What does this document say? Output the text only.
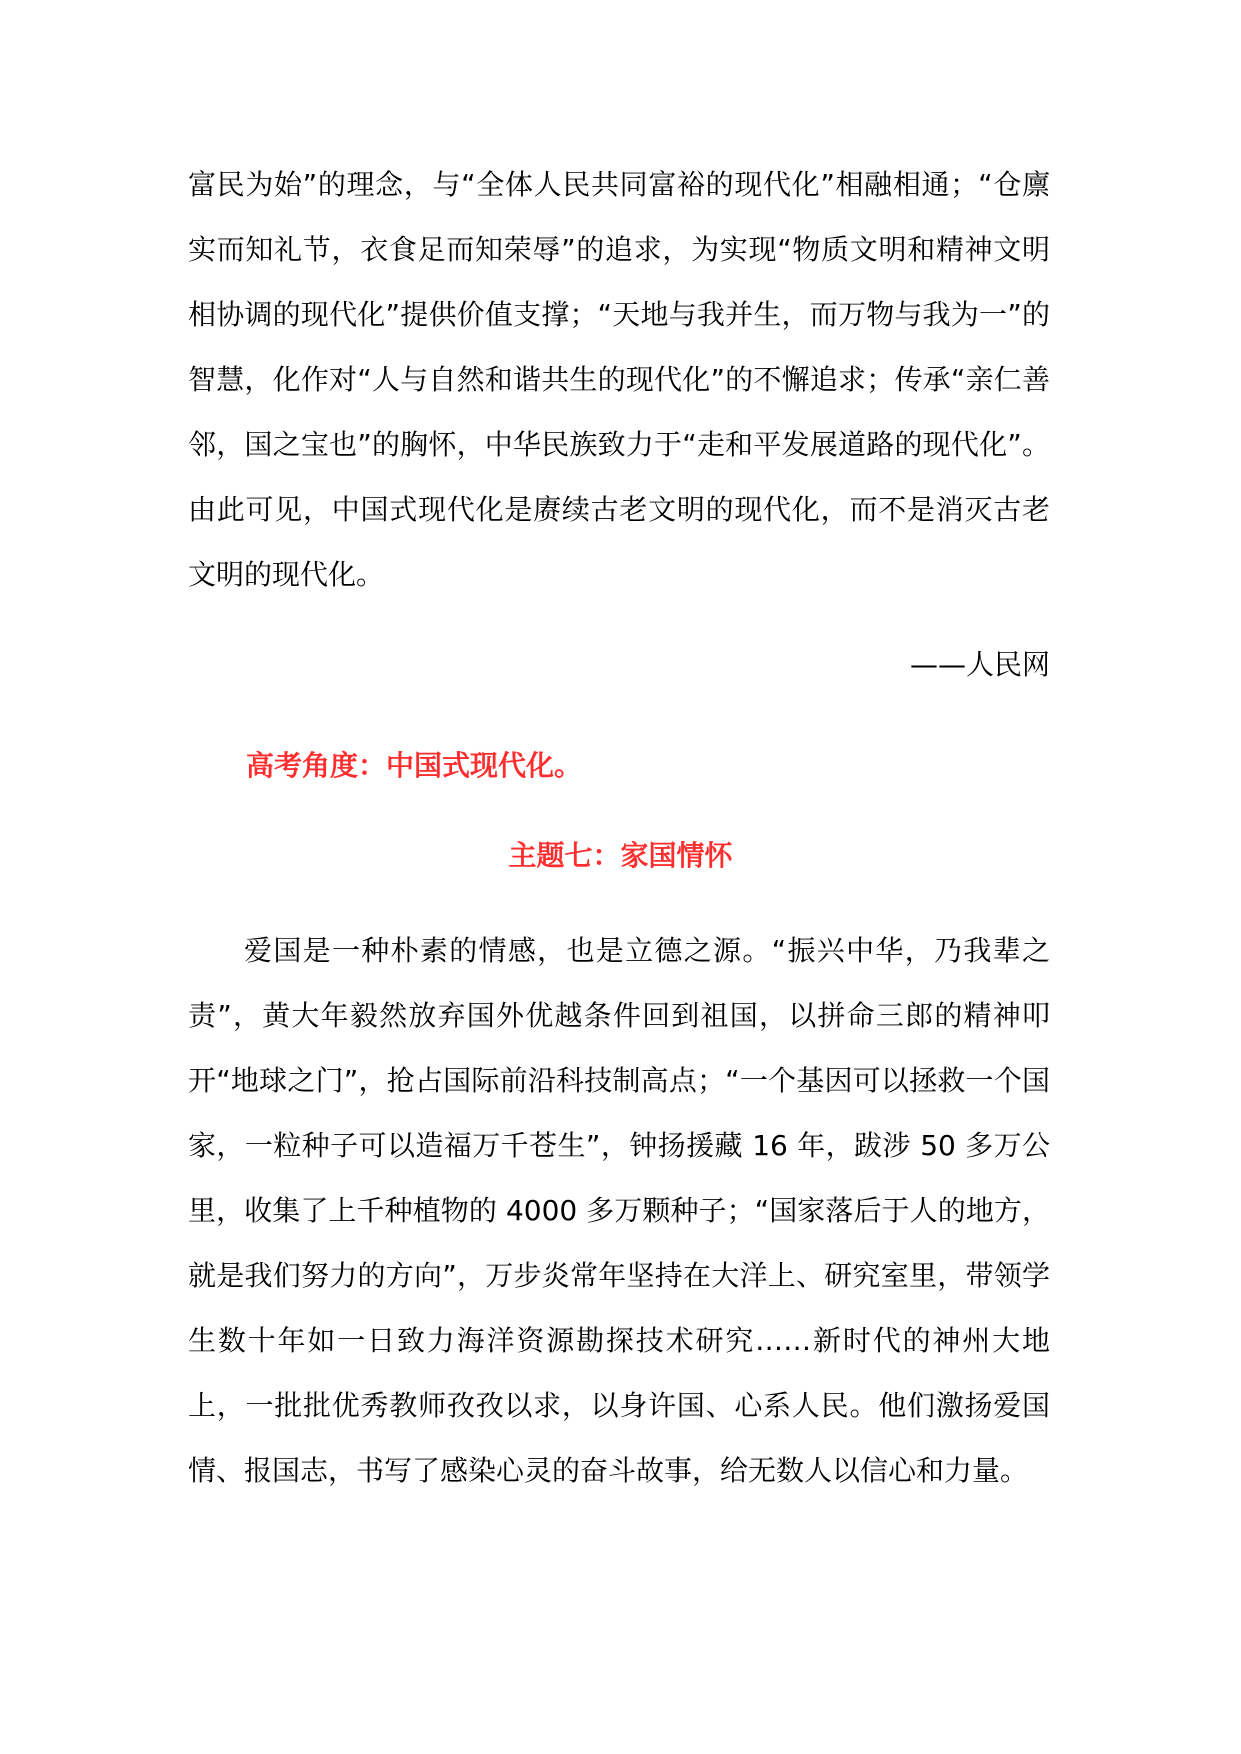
富民为始”的理念，与“全体人民共同富裕的现代化”相融相通；“仓廪实而知礼节，衣食足而知荣辱”的追求，为实现“物质文明和精神文明相协调的现代化”提供价值支撑；“天地与我并生，而万物与我为一”的智慧，化作对“人与自然和谐共生的现代化”的不懈追求；传承“亲仁善邻，国之宝也”的胸怀，中华民族致力于“走和平发展道路的现代化”。由此可见，中国式现代化是赓续古老文明的现代化，而不是消灭古老文明的现代化。

——人民网

高考角度：中国式现代化。

主题七：家国情怀

爱国是一种朴素的情感，也是立德之源。“振兴中华，乃我辈之责”，黄大年毅然放弃国外优越条件回到祖国，以拼命三郎的精神叩开“地球之门”，抢占国际前沿科技制高点；“一个基因可以拯救一个国家，一粒种子可以造福万千苍生”，钟扬援藏 16 年，跋涉 50 多万公里，收集了上千种植物的 4000 多万颗种子；“国家落后于人的地方，就是我们努力的方向”，万步炎常年坚持在大洋上、研究室里，带领学生数十年如一日致力海洋资源勘探技术研究……新时代的神州大地上，一批批优秀教师孜孜以求，以身许国、心系人民。他们激扬爱国情、报国志，书写了感染心灵的奋斗故事，给无数人以信心和力量。
